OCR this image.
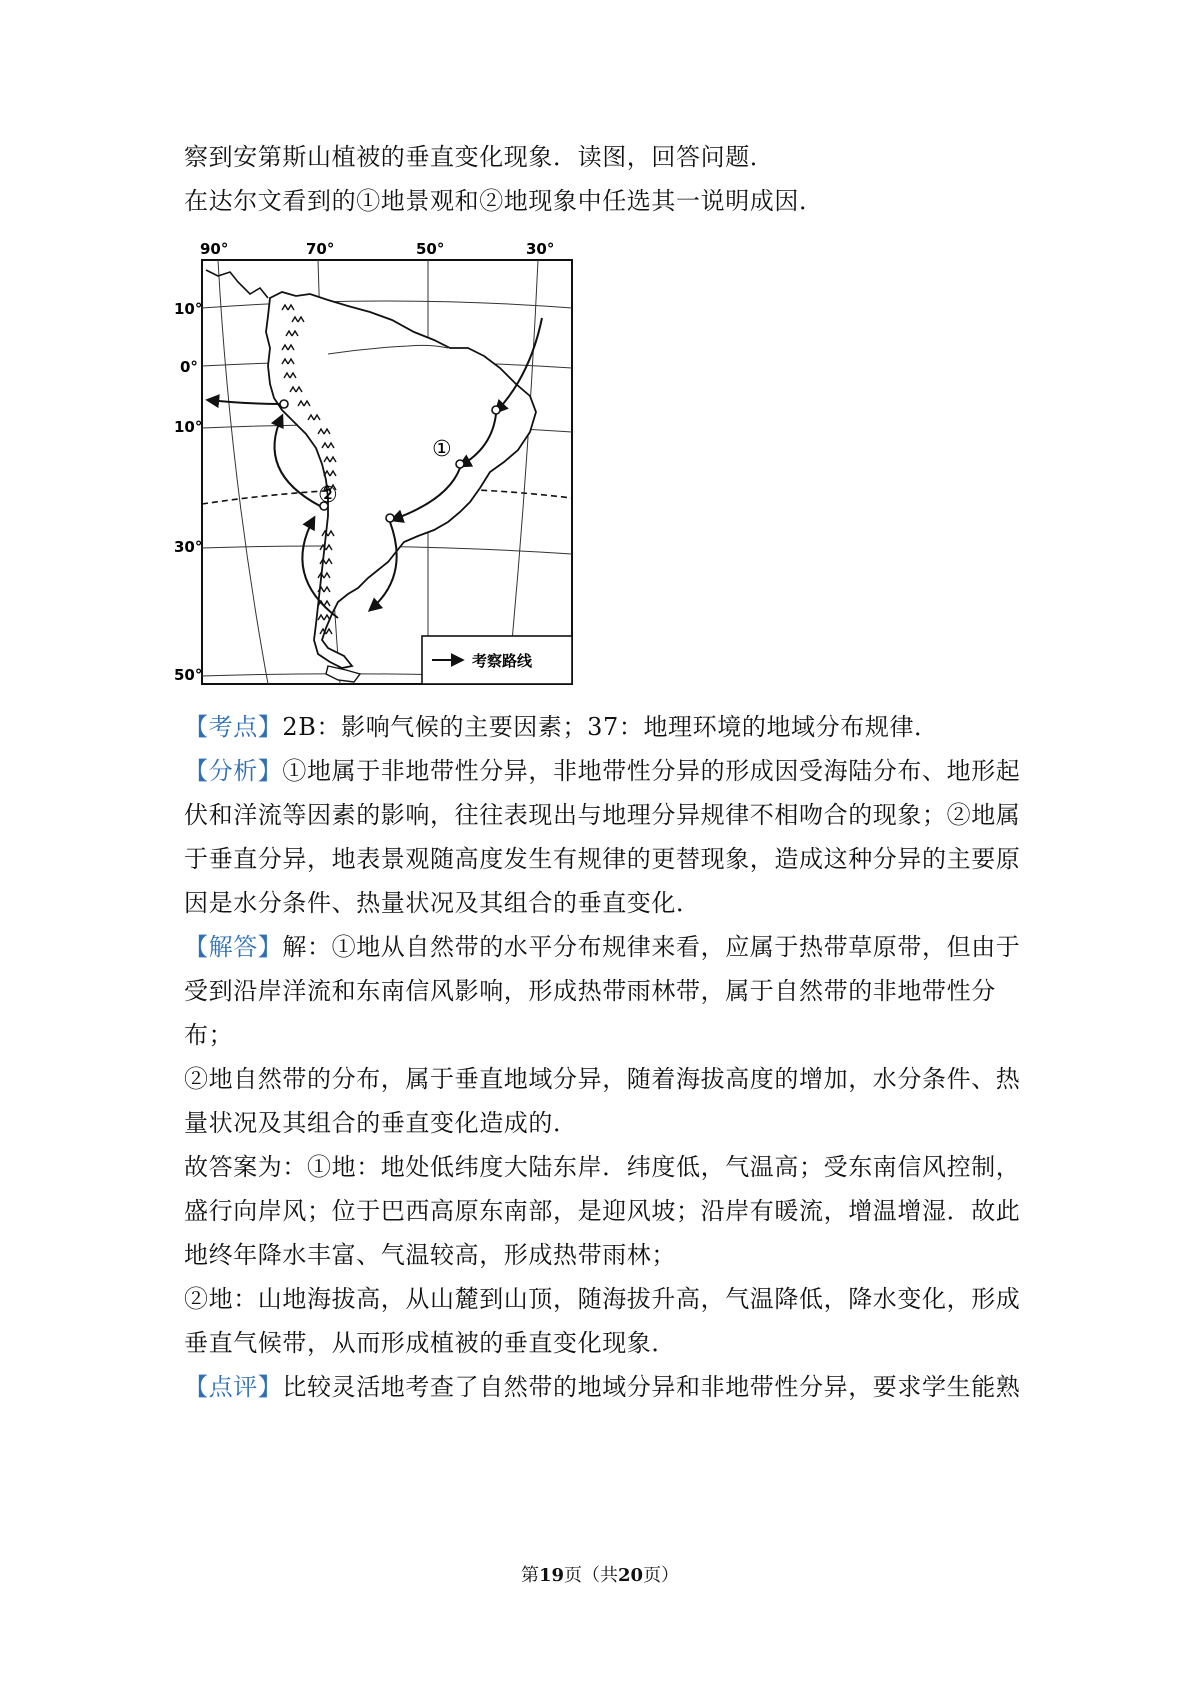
察到安第斯山植被的垂直变化现象．读图，回答问题．
在达尔文看到的①地景观和②地现象中任选其一说明成因．
90°	70°	50°	30°
10°
0°
10°
30°
50°
①
②
考察路线
【考点】2B：影响气候的主要因素；37：地理环境的地域分布规律．
【分析】①地属于非地带性分异，非地带性分异的形成因受海陆分布、地形起
伏和洋流等因素的影响，往往表现出与地理分异规律不相吻合的现象；②地属
于垂直分异，地表景观随高度发生有规律的更替现象，造成这种分异的主要原
因是水分条件、热量状况及其组合的垂直变化．
【解答】解：①地从自然带的水平分布规律来看，应属于热带草原带，但由于
受到沿岸洋流和东南信风影响，形成热带雨林带，属于自然带的非地带性分
布；
②地自然带的分布，属于垂直地域分异，随着海拔高度的增加，水分条件、热
量状况及其组合的垂直变化造成的．
故答案为：①地：地处低纬度大陆东岸．纬度低，气温高；受东南信风控制，
盛行向岸风；位于巴西高原东南部，是迎风坡；沿岸有暖流，增温增湿．故此
地终年降水丰富、气温较高，形成热带雨林；
②地：山地海拔高，从山麓到山顶，随海拔升高，气温降低，降水变化，形成
垂直气候带，从而形成植被的垂直变化现象．
【点评】比较灵活地考查了自然带的地域分异和非地带性分异，要求学生能熟
第19页（共20页）
